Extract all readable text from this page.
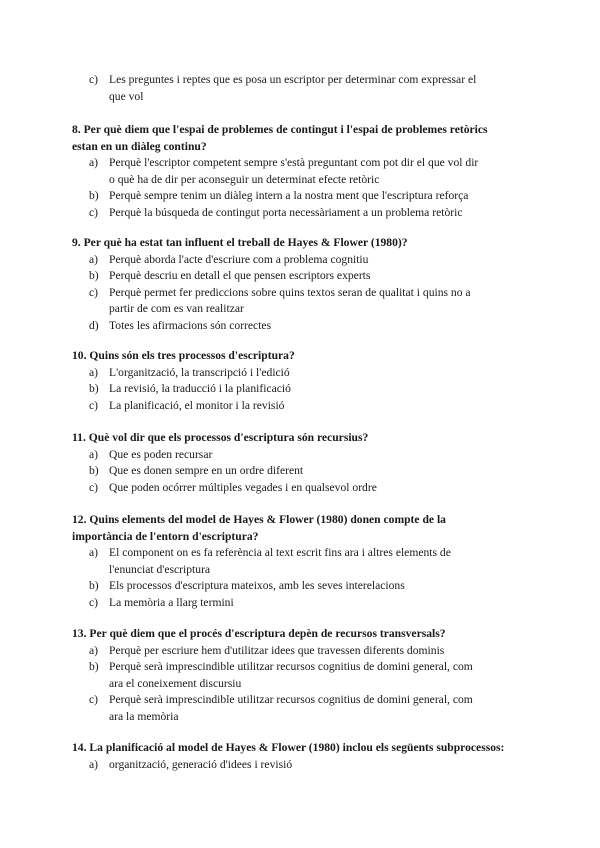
c) Les preguntes i reptes que es posa un escriptor per determinar com expressar el
que vol
8. Per què diem que l'espai de problemes de contingut i l'espai de problemes retòrics
estan en un diàleg continu?
a) Perquè l'escriptor competent sempre s'està preguntant com pot dir el que vol dir
o què ha de dir per aconseguir un determinat efecte retòric
b) Perquè sempre tenim un diàleg intern a la nostra ment que l'escriptura reforça
c) Perquè la búsqueda de contingut porta necessàriament a un problema retòric
9. Per què ha estat tan influent el treball de Hayes & Flower (1980)?
a) Perquè aborda l'acte d'escriure com a problema cognitiu
b) Perquè descriu en detall el que pensen escriptors experts
c) Perquè permet fer prediccions sobre quins textos seran de qualitat i quins no a
partir de com es van realitzar
d) Totes les afirmacions són correctes
10. Quins són els tres processos d'escriptura?
a) L'organització, la transcripció i l'edició
b) La revisió, la traducció i la planificació
c) La planificació, el monitor i la revisió
11. Què vol dir que els processos d'escriptura són recursius?
a) Que es poden recursar
b) Que es donen sempre en un ordre diferent
c) Que poden ocórrer múltiples vegades i en qualsevol ordre
12. Quins elements del model de Hayes & Flower (1980) donen compte de la
importància de l'entorn d'escriptura?
a) El component on es fa referència al text escrit fins ara i altres elements de
l'enunciat d'escriptura
b) Els processos d'escriptura mateixos, amb les seves interelacions
c) La memòria a llarg termini
13. Per què diem que el procés d'escriptura depèn de recursos transversals?
a) Perquè per escriure hem d'utilitzar idees que travessen diferents dominis
b) Perquè serà imprescindible utilitzar recursos cognitius de domini general, com
ara el coneixement discursiu
c) Perquè serà imprescindible utilitzar recursos cognitius de domini general, com
ara la memòria
14. La planificació al model de Hayes & Flower (1980) inclou els següents subprocessos:
a) organització, generació d'idees i revisió
